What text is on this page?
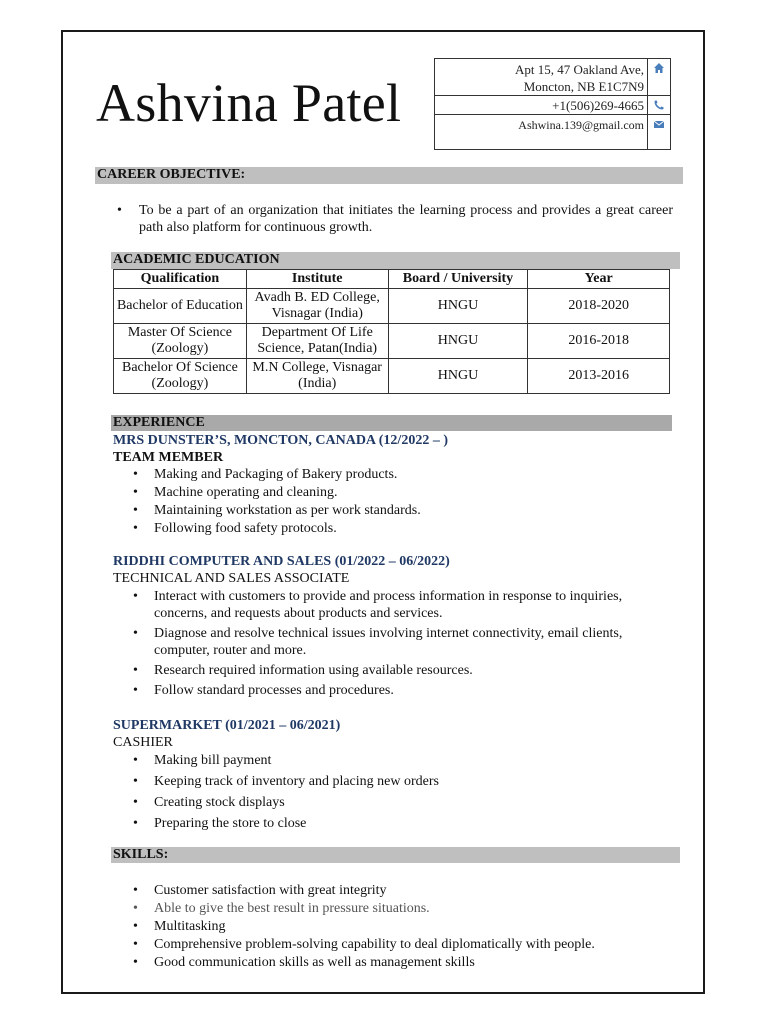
Ashvina Patel
Apt 15, 47 Oakland Ave,
Moncton, NB E1C7N9
+1(506)269-4665
Ashwina.139@gmail.com
CAREER OBJECTIVE:
• To be a part of an organization that initiates the learning process and provides a great career path also platform for continuous growth.
ACADEMIC EDUCATION
Qualification	Institute	Board / University	Year
Bachelor of Education	Avadh B. ED College, Visnagar (India)	HNGU	2018-2020
Master Of Science (Zoology)	Department Of Life Science, Patan(India)	HNGU	2016-2018
Bachelor Of Science (Zoology)	M.N College, Visnagar (India)	HNGU	2013-2016
EXPERIENCE
MRS DUNSTER’S, MONCTON, CANADA (12/2022 – )
TEAM MEMBER
• Making and Packaging of Bakery products.
• Machine operating and cleaning.
• Maintaining workstation as per work standards.
• Following food safety protocols.
RIDDHI COMPUTER AND SALES (01/2022 – 06/2022)
TECHNICAL AND SALES ASSOCIATE
• Interact with customers to provide and process information in response to inquiries, concerns, and requests about products and services.
• Diagnose and resolve technical issues involving internet connectivity, email clients, computer, router and more.
• Research required information using available resources.
• Follow standard processes and procedures.
SUPERMARKET (01/2021 – 06/2021)
CASHIER
• Making bill payment
• Keeping track of inventory and placing new orders
• Creating stock displays
• Preparing the store to close
SKILLS:
• Customer satisfaction with great integrity
• Able to give the best result in pressure situations.
• Multitasking
• Comprehensive problem-solving capability to deal diplomatically with people.
• Good communication skills as well as management skills
